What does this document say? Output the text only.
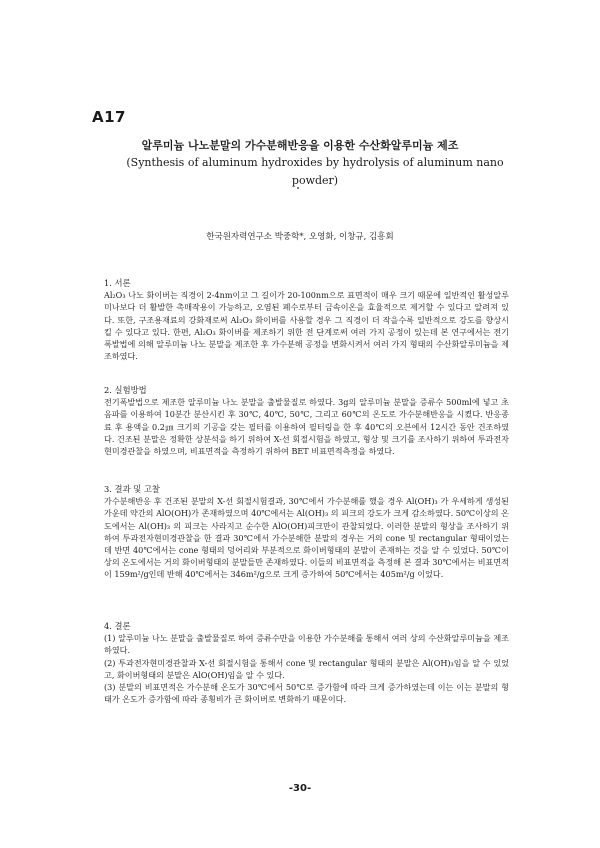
A17
알루미늄 나노분말의 가수분해반응을 이용한 수산화알루미늄 제조
(Synthesis of aluminum hydroxides by hydrolysis of aluminum nano powder)
한국원자력연구소 박중학*, 오영화, 이창규, 김흥회
1. 서론

Al₂O₃ 나노 화이버는 직경이 2-4nm이고 그 길이가 20-100nm으로 표면적이 매우 크기 때문에 일반적인 활성알루미나보다 더 활발한 촉매작용이 가능하고, 오염된 폐수로부터 금속이온을 효율적으로 제거할 수 있다고 알려져 있다. 또한, 구조용재료의 강화재로써 Al₂O₃ 화이버를 사용할 경우 그 직경이 더 작을수록 일반적으로 강도를 향상시킬 수 있다고 있다. 한편, Al₂O₃ 화이버를 제조하기 위한 전 단계로써 여러 가지 공정이 있는데 본 연구에서는 전기폭발법에 의해 알루미늄 나노 분말을 제조한 후 가수분해 공정을 변화시켜서 여러 가지 형태의 수산화알루미늄을 제조하였다.

2. 실험방법

전기폭발법으로 제조한 알루미늄 나노 분말을 출발물질로 하였다. 3g의 알루미늄 분말을 증류수 500ml에 넣고 초음파를 이용하여 10분간 분산시킨 후 30℃, 40℃, 50℃, 그리고 60℃의 온도로 가수분해반응을 시켰다. 반응종료 후 용액을 0.2㎛ 크기의 기공을 갖는 필터를 이용하여 필터링을 한 후 40℃의 오븐에서 12시간 동안 건조하였다. 건조된 분말은 정확한 상분석을 하기 위하여 X-선 회절시험을 하였고, 형상 및 크기를 조사하기 위하여 투과전자현미경관찰을 하였으며, 비표면적을 측정하기 위하여 BET 비표면적측정을 하였다.

3. 결과 및 고찰

가수분해반응 후 건조된 분말의 X-선 회절시험결과, 30℃에서 가수분해를 했을 경우 Al(OH)₃ 가 우세하게 생성된 가운데 약간의 AlO(OH)가 존재하였으며 40℃에서는 Al(OH)₃ 의 피크의 강도가 크게 감소하였다. 50℃이상의 온도에서는 Al(OH)₃ 의 피크는 사라지고 순수한 AlO(OH)피크만이 관찰되었다. 이러한 분말의 형상을 조사하기 위하여 투과전자현미경관찰을 한 결과 30℃에서 가수분해한 분말의 경우는 거의 cone 및 rectangular 형태이었는데 반면 40℃에서는 cone 형태의 덩어리와 부분적으로 화이버형태의 분말이 존재하는 것을 알 수 있었다. 50℃이상의 온도에서는 거의 화이버형태의 분말들만 존재하였다. 이들의 비표면적을 측정해 본 결과 30℃에서는 비표면적이 159m²/g인데 반해 40℃에서는 346m²/g으로 크게 증가하여 50℃에서는 405m²/g 이었다.

4. 결론

(1) 알루미늄 나노 분말을 출발물질로 하여 증류수만을 이용한 가수분해를 통해서 여러 상의 수산화알루미늄을 제조하였다.

(2) 투과전자현미경관찰과 X-선 회절시험을 통해서 cone 및 rectangular 형태의 분말은 Al(OH)₃임을 알 수 있었고, 화이버형태의 분말은 AlO(OH)임을 알 수 있다.

(3) 분말의 비표면적은 가수분해 온도가 30℃에서 50℃로 증가함에 따라 크게 증가하였는데 이는 이는 분말의 형태가 온도가 증가함에 따라 종횡비가 큰 화이버로 변화하기 때문이다.

-30-
